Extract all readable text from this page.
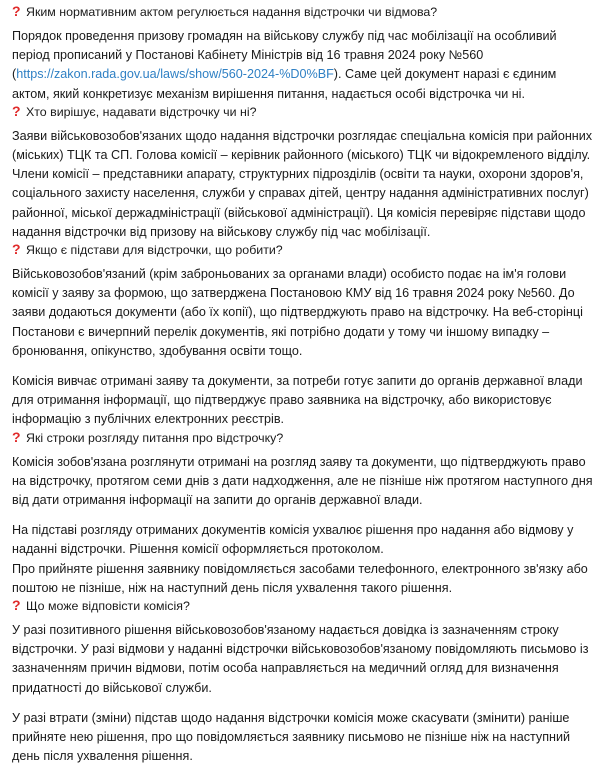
? Яким нормативним актом регулюється надання відстрочки чи відмова?

Порядок проведення призову громадян на військову службу під час мобілізації на особливий період прописаний у Постанові Кабінету Міністрів від 16 травня 2024 року №560 (https://zakon.rada.gov.ua/laws/show/560-2024-%D0%BF). Саме цей документ наразі є єдиним актом, який конкретизує механізм вирішення питання, надається особі відстрочка чи ні.

? Хто вирішує, надавати відстрочку чи ні?

Заяви військовозобов'язаних щодо надання відстрочки розглядає спеціальна комісія при районних (міських) ТЦК та СП. Голова комісії – керівник районного (міського) ТЦК чи відокремленого відділу. Члени комісії – представники апарату, структурних підрозділів (освіти та науки, охорони здоров'я, соціального захисту населення, служби у справах дітей, центру надання адміністративних послуг) районної, міської держадміністрації (військової адміністрації). Ця комісія перевіряє підстави щодо надання відстрочки від призову на військову службу під час мобілізації.

? Якщо є підстави для відстрочки, що робити?

Військовозобов'язаний (крім заброньованих за органами влади) особисто подає на ім'я голови комісії у заяву за формою, що затверджена Постановою КМУ від 16 травня 2024 року №560. До заяви додаються документи (або їх копії), що підтверджують право на відстрочку. На веб-сторінці Постанови є вичерпний перелік документів, які потрібно додати у тому чи іншому випадку – бронювання, опікунство, здобування освіти тощо.

Комісія вивчає отримані заяву та документи, за потреби готує запити до органів державної влади для отримання інформації, що підтверджує право заявника на відстрочку, або використовує інформацію з публічних електронних реєстрів.

? Які строки розгляду питання про відстрочку?

Комісія зобов'язана розглянути отримані на розгляд заяву та документи, що підтверджують право на відстрочку, протягом семи днів з дати надходження, але не пізніше ніж протягом наступного дня від дати отримання інформації на запити до органів державної влади.

На підставі розгляду отриманих документів комісія ухвалює рішення про надання або відмову у наданні відстрочки. Рішення комісії оформляється протоколом.

Про прийняте рішення заявнику повідомляється засобами телефонного, електронного зв'язку або поштою не пізніше, ніж на наступний день після ухвалення такого рішення.

? Що може відповісти комісія?

У разі позитивного рішення військовозобов'язаному надається довідка із зазначенням строку відстрочки. У разі відмови у наданні відстрочки військовозобов'язаному повідомляють письмово із зазначенням причин відмови, потім особа направляється на медичний огляд для визначення придатності до військової служби.

У разі втрати (зміни) підстав щодо надання відстрочки комісія може скасувати (змінити) раніше прийняте нею рішення, про що повідомляється заявнику письмово не пізніше ніж на наступний день після ухвалення рішення.
